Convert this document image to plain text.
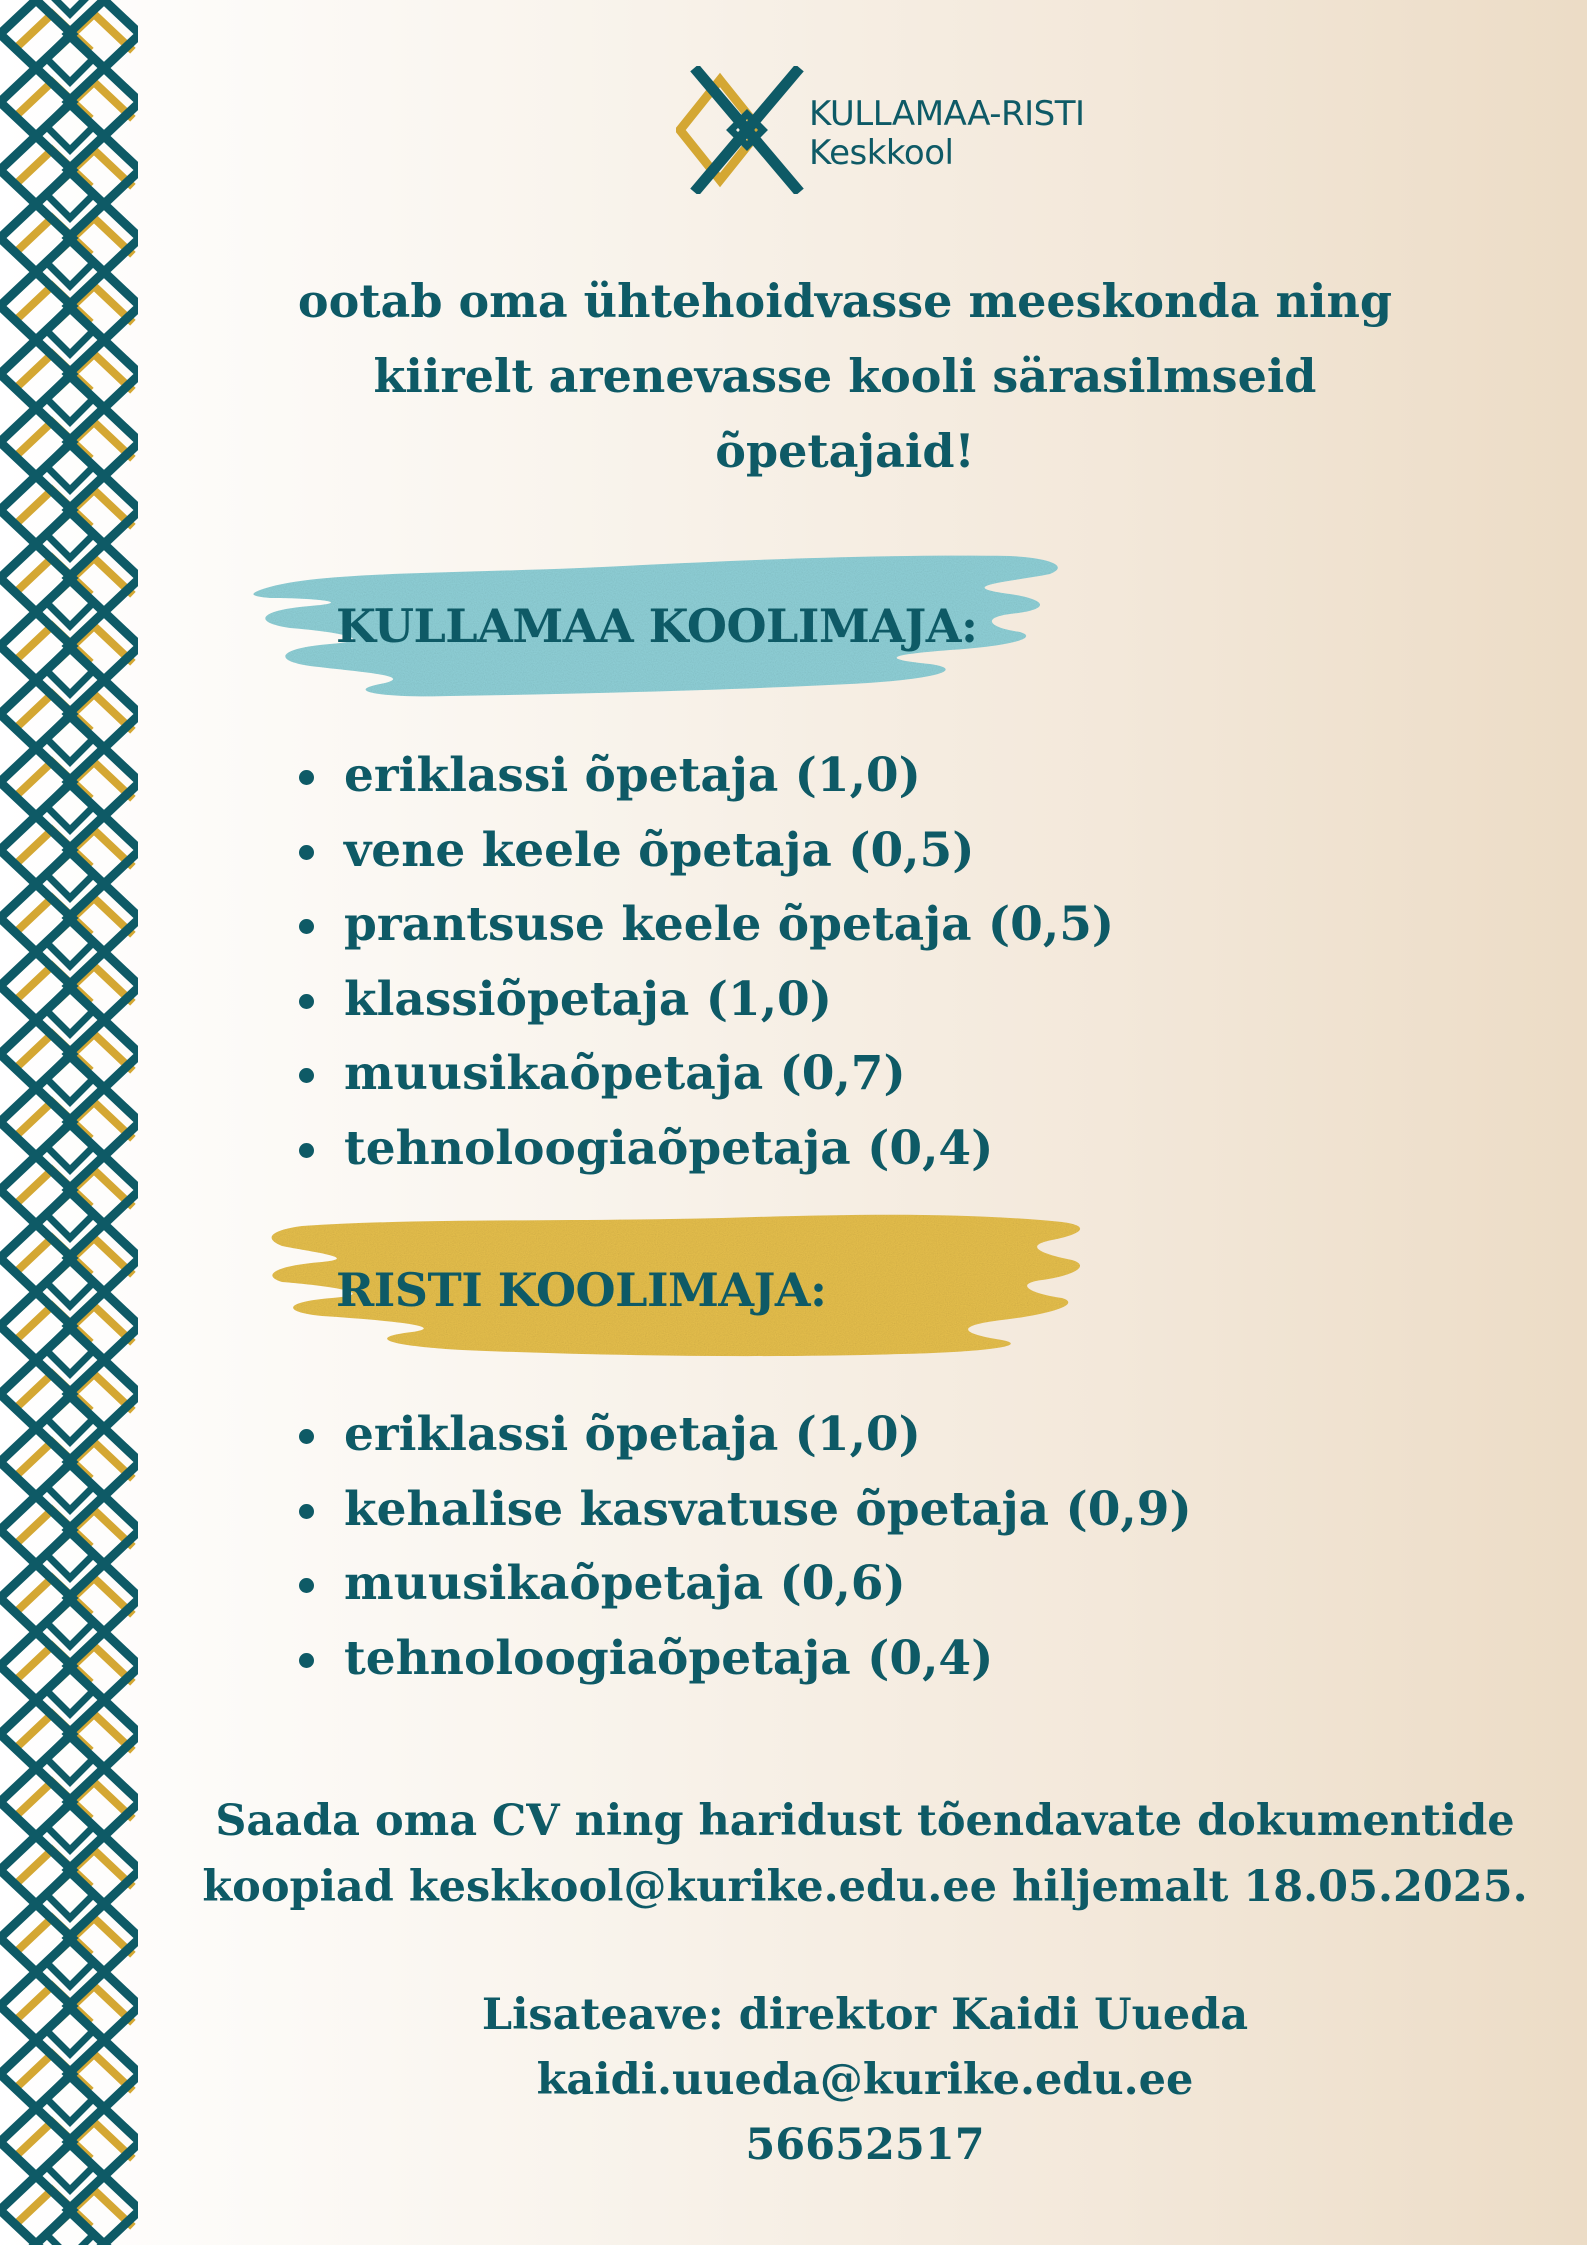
KULLAMAA-RISTI
Keskkool
ootab oma ühtehoidvasse meeskonda ning
kiirelt arenevasse kooli särasilmseid
õpetajaid!
KULLAMAA KOOLIMAJA:
eriklassi õpetaja (1,0)
vene keele õpetaja (0,5)
prantsuse keele õpetaja (0,5)
klassiõpetaja (1,0)
muusikaõpetaja (0,7)
tehnoloogiaõpetaja (0,4)
RISTI KOOLIMAJA:
eriklassi õpetaja (1,0)
kehalise kasvatuse õpetaja (0,9)
muusikaõpetaja (0,6)
tehnoloogiaõpetaja (0,4)

Saada oma CV ning haridust tõendavate dokumentide
koopiad keskkool@kurike.edu.ee hiljemalt 18.05.2025.

Lisateave: direktor Kaidi Uueda
kaidi.uueda@kurike.edu.ee
56652517
